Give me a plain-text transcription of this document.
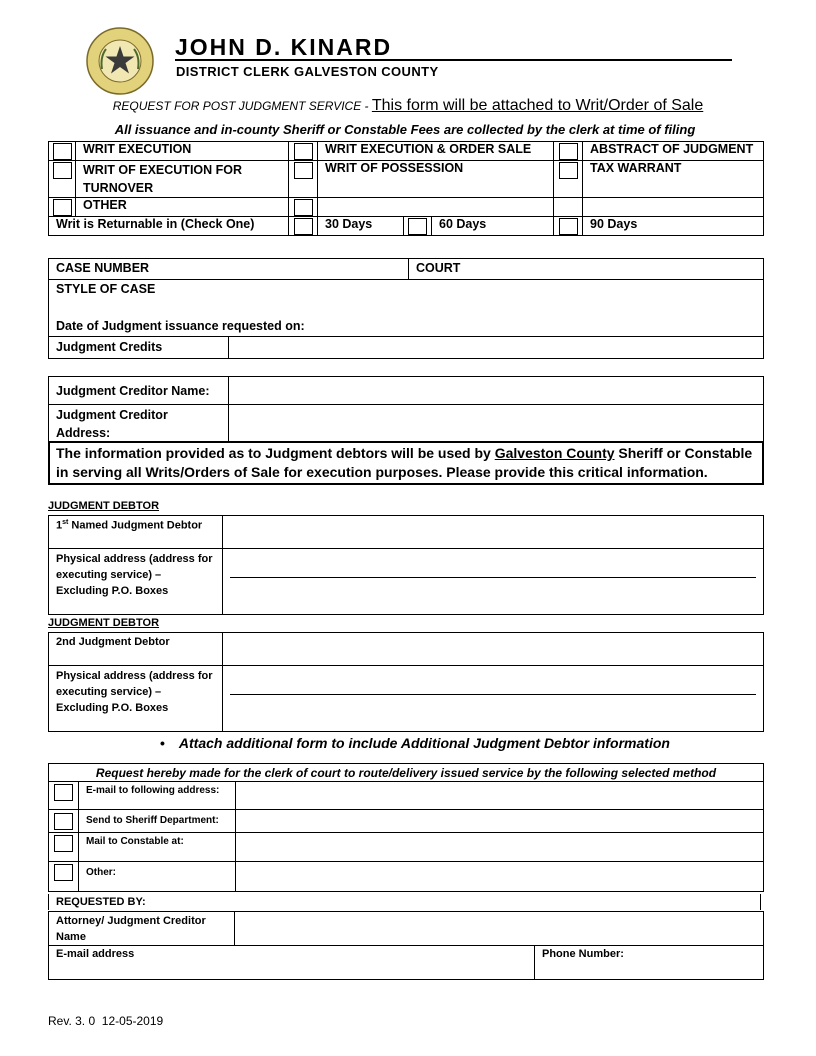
JOHN D. KINARD
DISTRICT CLERK GALVESTON COUNTY
REQUEST FOR POST JUDGMENT SERVICE - This form will be attached to Writ/Order of Sale
All issuance and in-county Sheriff or Constable Fees are collected by the clerk at time of filing
	WRIT EXECUTION		WRIT EXECUTION & ORDER SALE				ABSTRACT OF JUDGMENT

	WRIT OF EXECUTION FOR TURNOVER		WRIT OF POSSESSION				TAX WARRANT

	OTHER			

Writ is Returnable in (Check One)			30 Days		60 Days		90 Days
CASE NUMBER		COURT
STYLE OF CASE		
Date of Judgment issuance requested on:		
Judgment Credits		
Judgment Creditor Name:	
Judgment Creditor Address:	
The information provided as to Judgment debtors will be used by Galveston County Sheriff or Constable in serving all Writs/Orders of Sale for execution purposes. Please provide this critical information.
JUDGMENT DEBTOR
1st Named Judgment Debtor	
Physical address (address for executing service) – Excluding P.O. Boxes	
JUDGMENT DEBTOR
2nd Judgment Debtor	
Physical address (address for executing service) – Excluding P.O. Boxes	
• Attach additional form to include Additional Judgment Debtor information
Request hereby made for the clerk of court to route/delivery issued service by the following selected method		

	E-mail to following address:	

	Send to Sheriff Department:	

	Mail to Constable at:	

	Other:	
REQUESTED BY:
Attorney/ Judgment Creditor Name		
E-mail address		Phone Number:
Rev. 3. 0  12-05-2019
